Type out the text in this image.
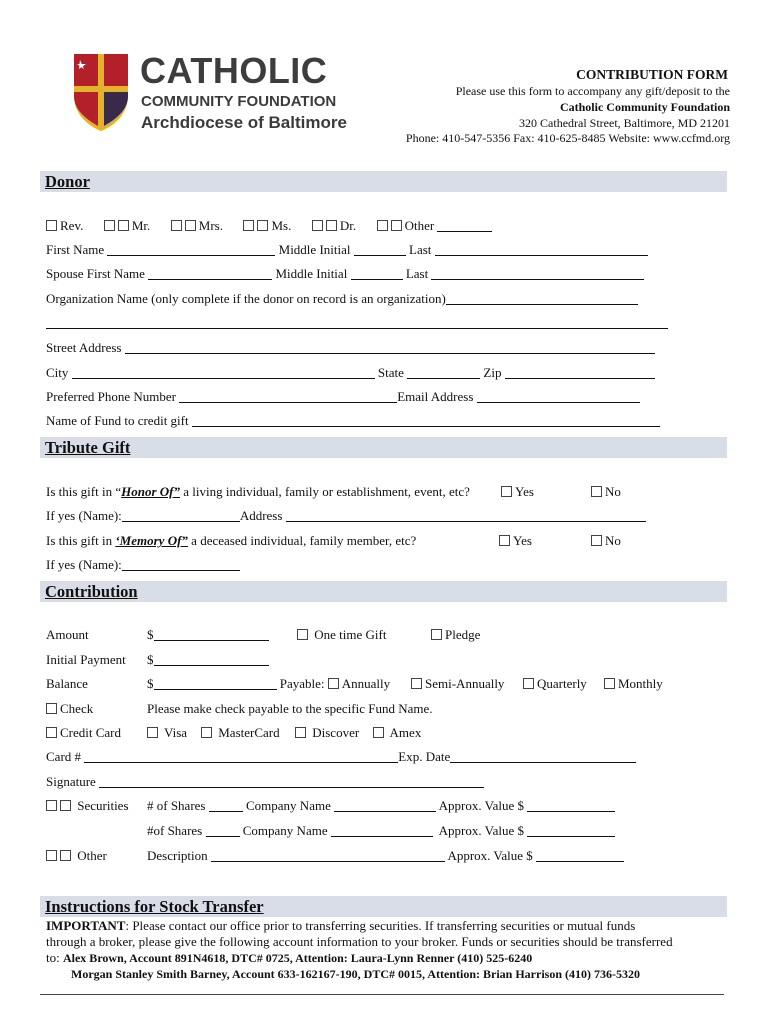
CATHOLIC
COMMUNITY FOUNDATION
Archdiocese of Baltimore
CONTRIBUTION FORM
Please use this form to accompany any gift/deposit to the
Catholic Community Foundation
320 Cathedral Street, Baltimore, MD 21201
Phone: 410-547-5356 Fax: 410-625-8485 Website: www.ccfmd.org
Donor
Rev.	Mr.	Mrs.	Ms.	Dr.	Other
First Name	Middle Initial	Last
Spouse First Name	Middle Initial	Last
Organization Name (only complete if the donor on record is an organization)
Street Address
City	State	Zip
Preferred Phone Number	Email Address
Name of Fund to credit gift
Tribute Gift
Is this gift in “Honor Of” a living individual, family or establishment, event, etc?	Yes	No
If yes (Name):	Address
Is this gift in ‘Memory Of” a deceased individual, family member, etc?	Yes	No
If yes (Name):
Contribution
Amount	$	One time Gift	Pledge
Initial Payment $
Balance	$	Payable: Annually	Semi-Annually	Quarterly	Monthly
Check	Please make check payable to the specific Fund Name.
Credit Card	Visa	MasterCard	Discover	Amex
Card #	Exp. Date
Signature
Securities # of Shares	Company Name	Approx. Value $
#of Shares	Company Name	Approx. Value $
Other	Description	Approx. Value $
Instructions for Stock Transfer
IMPORTANT: Please contact our office prior to transferring securities. If transferring securities or mutual funds
through a broker, please give the following account information to your broker. Funds or securities should be transferred
to: Alex Brown, Account 891N4618, DTC# 0725, Attention: Laura-Lynn Renner (410) 525-6240
Morgan Stanley Smith Barney, Account 633-162167-190, DTC# 0015, Attention: Brian Harrison (410) 736-5320
